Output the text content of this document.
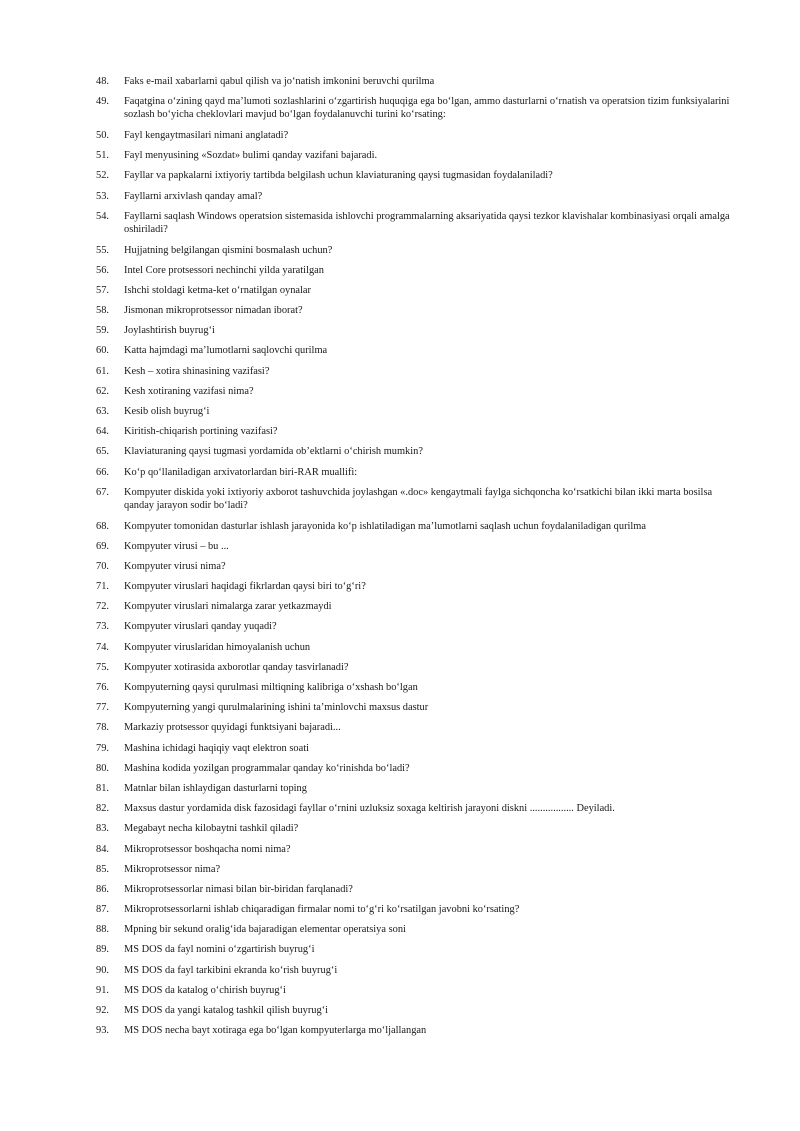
48.	Faks e-mail xabarlarni qabul qilish va jo‘natish imkonini beruvchi qurilma
49.	Faqatgina o‘zining qayd ma’lumoti sozlashlarini o‘zgartirish huquqiga ega bo‘lgan, ammo dasturlarni o‘rnatish va operatsion tizim funksiyalarini sozlash bo‘yicha cheklovlari mavjud bo‘lgan foydalanuvchi turini ko‘rsating:
50.	Fayl kengaytmasilari nimani anglatadi?
51.	Fayl menyusining «Sozdat» bulimi qanday vazifani bajaradi.
52.	Fayllar va papkalarni ixtiyoriy tartibda belgilash uchun klaviaturaning qaysi tugmasidan foydalaniladi?
53.	Fayllarni arxivlash qanday amal?
54.	Fayllarni saqlash Windows operatsion sistemasida ishlovchi programmalarning aksariyatida qaysi tezkor klavishalar kombinasiyasi orqali amalga oshiriladi?
55.	Hujjatning belgilangan qismini bosmalash uchun?
56.	Intel Core protsessori nechinchi yilda yaratilgan
57.	Ishchi stoldagi ketma-ket o‘rnatilgan oynalar
58.	Jismonan mikroprotsessor nimadan iborat?
59.	Joylashtirish buyrug‘i
60.	Katta hajmdagi ma’lumotlarni saqlovchi qurilma
61.	Kesh – xotira shinasining vazifasi?
62.	Kesh xotiraning vazifasi nima?
63.	Kesib olish buyrug‘i
64.	Kiritish-chiqarish portining vazifasi?
65.	Klaviaturaning qaysi tugmasi yordamida ob’ektlarni o‘chirish mumkin?
66.	Ko‘p qo‘llaniladigan arxivatorlardan biri-RAR muallifi:
67.	Kompyuter diskida yoki ixtiyoriy axborot tashuvchida joylashgan «.doc» kengaytmali faylga sichqoncha ko‘rsatkichi bilan ikki marta bosilsa qanday jarayon sodir bo‘ladi?
68.	Kompyuter tomonidan dasturlar ishlash jarayonida ko‘p ishlatiladigan ma’lumotlarni saqlash uchun foydalaniladigan qurilma
69.	Kompyuter virusi – bu ...
70.	Kompyuter virusi nima?
71.	Kompyuter viruslari haqidagi fikrlardan qaysi biri to‘g‘ri?
72.	Kompyuter viruslari nimalarga zarar yetkazmaydi
73.	Kompyuter viruslari qanday yuqadi?
74.	Kompyuter viruslaridan himoyalanish uchun
75.	Kompyuter xotirasida axborotlar qanday tasvirlanadi?
76.	Kompyuterning qaysi qurulmasi miltiqning kalibriga o‘xshash bo‘lgan
77.	Kompyuterning yangi qurulmalarining ishini ta’minlovchi maxsus dastur
78.	Markaziy protsessor quyidagi funktsiyani bajaradi...
79.	Mashina ichidagi haqiqiy vaqt elektron soati
80.	Mashina kodida yozilgan programmalar qanday ko‘rinishda bo‘ladi?
81.	Matnlar bilan ishlaydigan dasturlarni toping
82.	Maxsus dastur yordamida disk fazosidagi fayllar o‘rnini uzluksiz soxaga keltirish jarayoni diskni ................. Deyiladi.
83.	Megabayt necha kilobaytni tashkil qiladi?
84.	Mikroprotsessor boshqacha nomi nima?
85.	Mikroprotsessor nima?
86.	Mikroprotsessorlar nimasi bilan bir-biridan farqlanadi?
87.	Mikroprotsessorlarni ishlab chiqaradigan firmalar nomi to‘g‘ri ko‘rsatilgan javobni ko‘rsating?
88.	Mpning bir sekund oralig‘ida bajaradigan elementar operatsiya soni
89.	MS DOS da fayl nomini o‘zgartirish buyrug‘i
90.	MS DOS da fayl tarkibini ekranda ko‘rish buyrug‘i
91.	MS DOS da katalog o‘chirish buyrug‘i
92.	MS DOS da yangi katalog tashkil qilish buyrug‘i
93.	MS DOS necha bayt xotiraga ega bo‘lgan kompyuterlarga mo‘ljallangan
